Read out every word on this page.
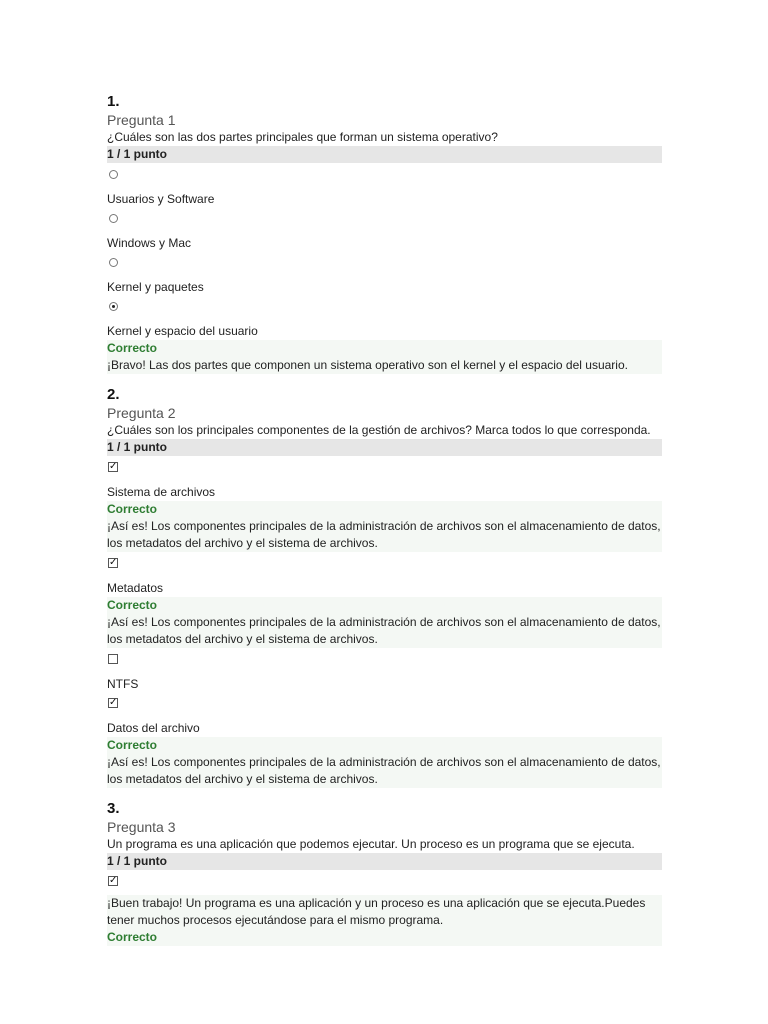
1.
Pregunta 1
¿Cuáles son las dos partes principales que forman un sistema operativo?
1 / 1 punto
Usuarios y Software
Windows y Mac
Kernel y paquetes
Kernel y espacio del usuario
Correcto
¡Bravo! Las dos partes que componen un sistema operativo son el kernel y el espacio del usuario.
2.
Pregunta 2
¿Cuáles son los principales componentes de la gestión de archivos? Marca todos lo que corresponda.
1 / 1 punto
✓
Sistema de archivos
Correcto
¡Así es! Los componentes principales de la administración de archivos son el almacenamiento de datos, los metadatos del archivo y el sistema de archivos.
✓
Metadatos
Correcto
¡Así es! Los componentes principales de la administración de archivos son el almacenamiento de datos, los metadatos del archivo y el sistema de archivos.
NTFS
✓
Datos del archivo
Correcto
¡Así es! Los componentes principales de la administración de archivos son el almacenamiento de datos, los metadatos del archivo y el sistema de archivos.
3.
Pregunta 3
Un programa es una aplicación que podemos ejecutar. Un proceso es un programa que se ejecuta.
1 / 1 punto
✓
¡Buen trabajo! Un programa es una aplicación y un proceso es una aplicación que se ejecuta.Puedes tener muchos procesos ejecutándose para el mismo programa.
Correcto
